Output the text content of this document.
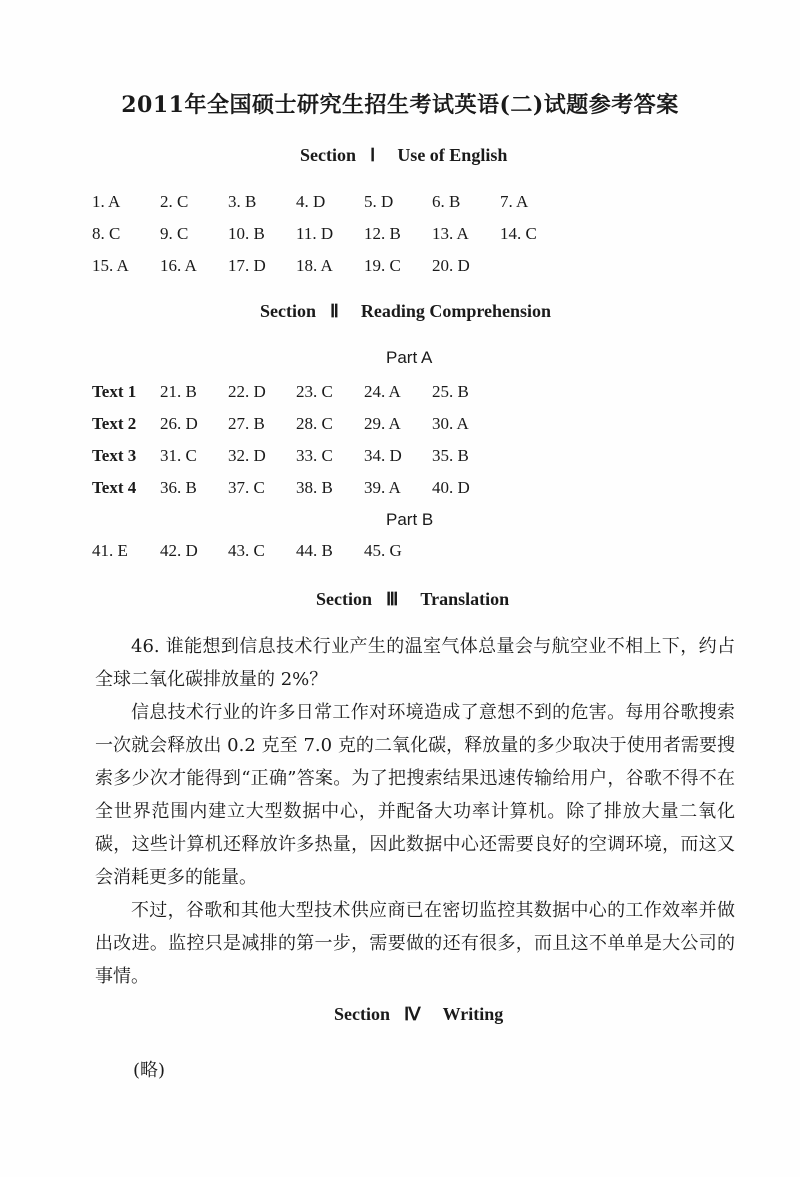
2011年全国硕士研究生招生考试英语(二)试题参考答案
Section Ⅰ Use of English
Section Ⅱ Reading Comprehension
Part A
Part B
Section Ⅲ Translation
46. 谁能想到信息技术行业产生的温室气体总量会与航空业不相上下，约占全球二氧化碳排放量的 2%？
信息技术行业的许多日常工作对环境造成了意想不到的危害。每用谷歌搜索一次就会释放出 0.2 克至 7.0 克的二氧化碳，释放量的多少取决于使用者需要搜索多少次才能得到“正确”答案。为了把搜索结果迅速传输给用户，谷歌不得不在全世界范围内建立大型数据中心，并配备大功率计算机。除了排放大量二氧化碳，这些计算机还释放许多热量，因此数据中心还需要良好的空调环境，而这又会消耗更多的能量。
不过，谷歌和其他大型技术供应商已在密切监控其数据中心的工作效率并做出改进。监控只是减排的第一步，需要做的还有很多，而且这不单单是大公司的事情。
Section Ⅳ Writing
(略)
1. A 2. C 3. B 4. D 5. D 6. B 7. A
8. C 9. C 10. B 11. D 12. B 13. A 14. C
15. A 16. A 17. D 18. A 19. C 20. D
Text 1 21. B 22. D 23. C 24. A 25. B
Text 2 26. D 27. B 28. C 29. A 30. A
Text 3 31. C 32. D 33. C 34. D 35. B
Text 4 36. B 37. C 38. B 39. A 40. D
41. E 42. D 43. C 44. B 45. G
